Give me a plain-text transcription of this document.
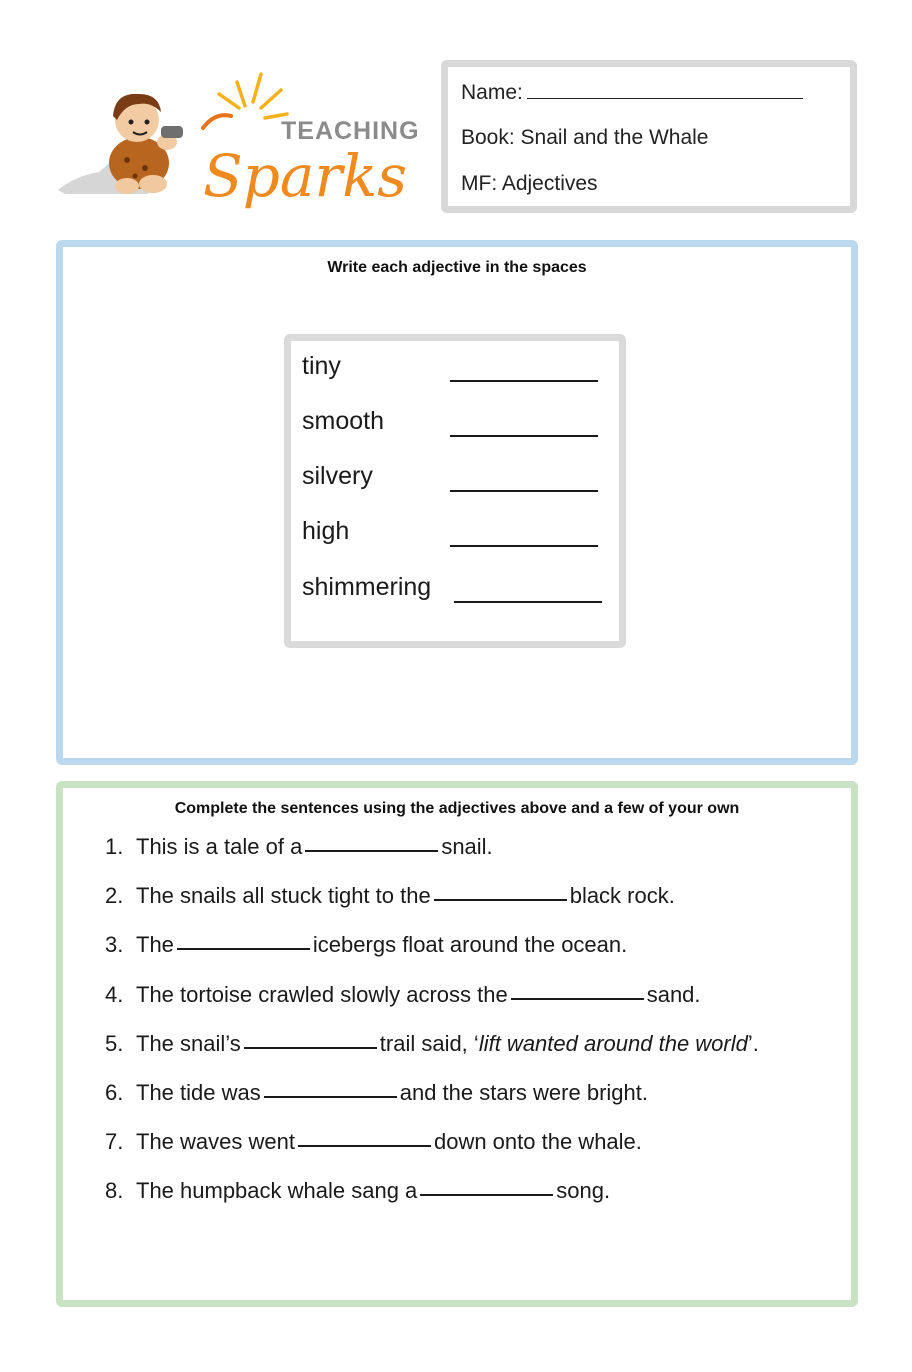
TEACHING
Sparks
Name:
Book: Snail and the Whale
MF: Adjectives
Write each adjective in the spaces
tiny
smooth
silvery
high
shimmering
Complete the sentences using the adjectives above and a few of your own
1. This is a tale of a	snail.
2. The snails all stuck tight to the	black rock.
3. The	icebergs float around the ocean.
4. The tortoise crawled slowly across the	sand.
5. The snail’s	trail said, ‘lift wanted around the world’.
6. The tide was	and the stars were bright.
7. The waves went	down onto the whale.
8. The humpback whale sang a	song.
